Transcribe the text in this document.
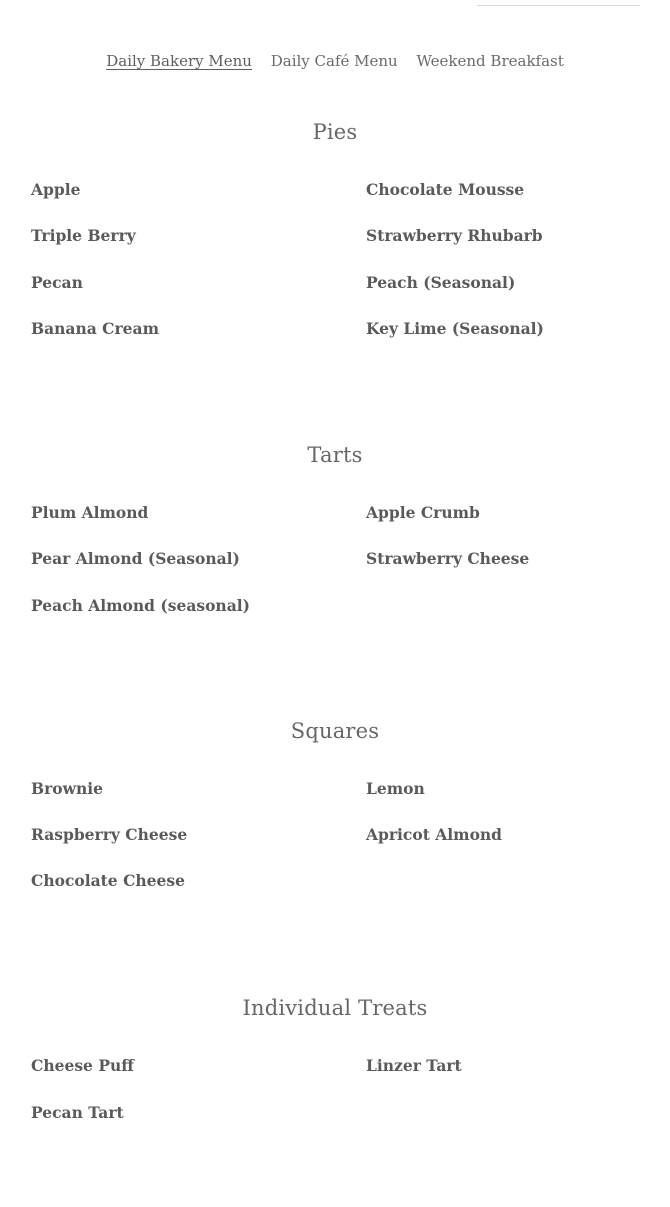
Daily Bakery Menu Daily Café Menu Weekend Breakfast
Pies
Apple
Triple Berry
Pecan
Banana Cream
Chocolate Mousse
Strawberry Rhubarb
Peach (Seasonal)
Key Lime (Seasonal)
Tarts
Plum Almond
Pear Almond (Seasonal)
Peach Almond (seasonal)
Apple Crumb
Strawberry Cheese
Squares
Brownie
Raspberry Cheese
Chocolate Cheese
Lemon
Apricot Almond
Individual Treats
Cheese Puff
Pecan Tart
Linzer Tart
